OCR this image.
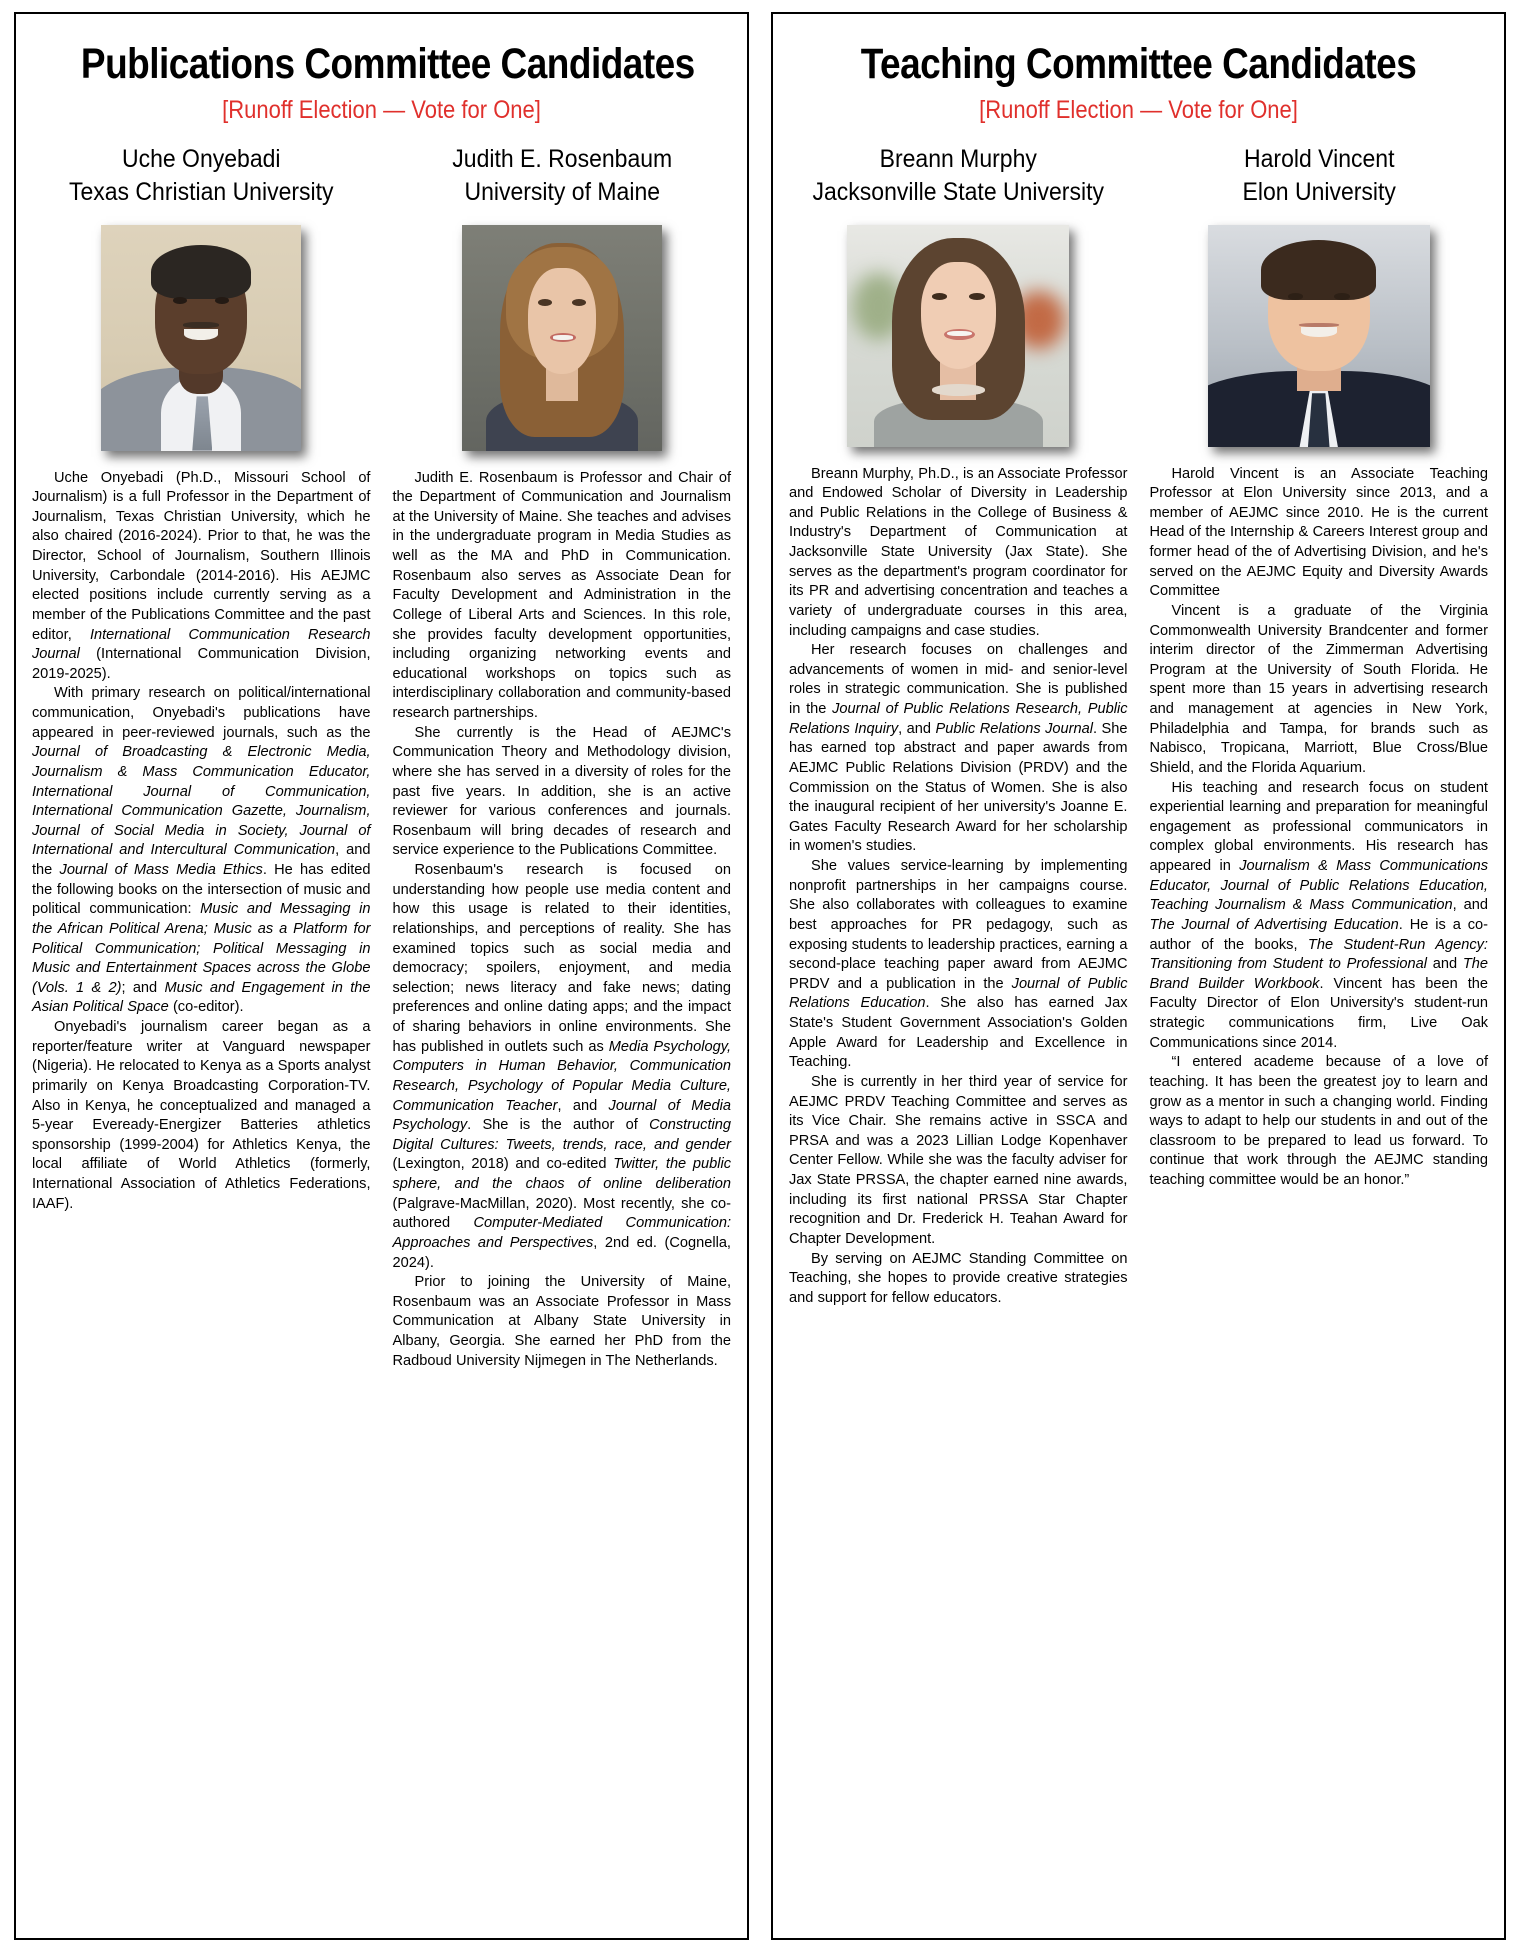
Publications Committee Candidates
[Runoff Election — Vote for One]
Uche Onyebadi
Texas Christian University

Uche Onyebadi (Ph.D., Missouri School of Journalism) is a full Professor in the Department of Journalism, Texas Christian University, which he also chaired (2016-2024). Prior to that, he was the Director, School of Journalism, Southern Illinois University, Carbondale (2014-2016). His AEJMC elected positions include currently serving as a member of the Publications Committee and the past editor, International Communication Research Journal (International Communication Division, 2019-2025).

With primary research on political/international communication, Onyebadi's publications have appeared in peer-reviewed journals, such as the Journal of Broadcasting & Electronic Media, Journalism & Mass Communication Educator, International Journal of Communication, International Communication Gazette, Journalism, Journal of Social Media in Society, Journal of International and Intercultural Communication, and the Journal of Mass Media Ethics. He has edited the following books on the intersection of music and political communication: Music and Messaging in the African Political Arena; Music as a Platform for Political Communication; Political Messaging in Music and Entertainment Spaces across the Globe (Vols. 1 & 2); and Music and Engagement in the Asian Political Space (co-editor).

Onyebadi's journalism career began as a reporter/feature writer at Vanguard newspaper (Nigeria). He relocated to Kenya as a Sports analyst primarily on Kenya Broadcasting Corporation-TV. Also in Kenya, he conceptualized and managed a 5-year Eveready-Energizer Batteries athletics sponsorship (1999-2004) for Athletics Kenya, the local affiliate of World Athletics (formerly, International Association of Athletics Federations, IAAF).

Judith E. Rosenbaum
University of Maine

Judith E. Rosenbaum is Professor and Chair of the Department of Communication and Journalism at the University of Maine. She teaches and advises in the undergraduate program in Media Studies as well as the MA and PhD in Communication. Rosenbaum also serves as Associate Dean for Faculty Development and Administration in the College of Liberal Arts and Sciences. In this role, she provides faculty development opportunities, including organizing networking events and educational workshops on topics such as interdisciplinary collaboration and community-based research partnerships.

She currently is the Head of AEJMC's Communication Theory and Methodology division, where she has served in a diversity of roles for the past five years. In addition, she is an active reviewer for various conferences and journals. Rosenbaum will bring decades of research and service experience to the Publications Committee.

Rosenbaum's research is focused on understanding how people use media content and how this usage is related to their identities, relationships, and perceptions of reality. She has examined topics such as social media and democracy; spoilers, enjoyment, and media selection; news literacy and fake news; dating preferences and online dating apps; and the impact of sharing behaviors in online environments. She has published in outlets such as Media Psychology, Computers in Human Behavior, Communication Research, Psychology of Popular Media Culture, Communication Teacher, and Journal of Media Psychology. She is the author of Constructing Digital Cultures: Tweets, trends, race, and gender (Lexington, 2018) and co-edited Twitter, the public sphere, and the chaos of online deliberation (Palgrave-MacMillan, 2020). Most recently, she co-authored Computer-Mediated Communication: Approaches and Perspectives, 2nd ed. (Cognella, 2024).

Prior to joining the University of Maine, Rosenbaum was an Associate Professor in Mass Communication at Albany State University in Albany, Georgia. She earned her PhD from the Radboud University Nijmegen in The Netherlands.

Teaching Committee Candidates
[Runoff Election — Vote for One]
Breann Murphy
Jacksonville State University

Breann Murphy, Ph.D., is an Associate Professor and Endowed Scholar of Diversity in Leadership and Public Relations in the College of Business & Industry's Department of Communication at Jacksonville State University (Jax State). She serves as the department's program coordinator for its PR and advertising concentration and teaches a variety of undergraduate courses in this area, including campaigns and case studies.

Her research focuses on challenges and advancements of women in mid- and senior-level roles in strategic communication. She is published in the Journal of Public Relations Research, Public Relations Inquiry, and Public Relations Journal. She has earned top abstract and paper awards from AEJMC Public Relations Division (PRDV) and the Commission on the Status of Women. She is also the inaugural recipient of her university's Joanne E. Gates Faculty Research Award for her scholarship in women's studies.

She values service-learning by implementing nonprofit partnerships in her campaigns course. She also collaborates with colleagues to examine best approaches for PR pedagogy, such as exposing students to leadership practices, earning a second-place teaching paper award from AEJMC PRDV and a publication in the Journal of Public Relations Education. She also has earned Jax State's Student Government Association's Golden Apple Award for Leadership and Excellence in Teaching.

She is currently in her third year of service for AEJMC PRDV Teaching Committee and serves as its Vice Chair. She remains active in SSCA and PRSA and was a 2023 Lillian Lodge Kopenhaver Center Fellow. While she was the faculty adviser for Jax State PRSSA, the chapter earned nine awards, including its first national PRSSA Star Chapter recognition and Dr. Frederick H. Teahan Award for Chapter Development.

By serving on AEJMC Standing Committee on Teaching, she hopes to provide creative strategies and support for fellow educators.

Harold Vincent
Elon University

Harold Vincent is an Associate Teaching Professor at Elon University since 2013, and a member of AEJMC since 2010. He is the current Head of the Internship & Careers Interest group and former head of the of Advertising Division, and he's served on the AEJMC Equity and Diversity Awards Committee

Vincent is a graduate of the Virginia Commonwealth University Brandcenter and former interim director of the Zimmerman Advertising Program at the University of South Florida. He spent more than 15 years in advertising research and management at agencies in New York, Philadelphia and Tampa, for brands such as Nabisco, Tropicana, Marriott, Blue Cross/Blue Shield, and the Florida Aquarium.

His teaching and research focus on student experiential learning and preparation for meaningful engagement as professional communicators in complex global environments. His research has appeared in Journalism & Mass Communications Educator, Journal of Public Relations Education, Teaching Journalism & Mass Communication, and The Journal of Advertising Education. He is a co-author of the books, The Student-Run Agency: Transitioning from Student to Professional and The Brand Builder Workbook. Vincent has been the Faculty Director of Elon University's student-run strategic communications firm, Live Oak Communications since 2014.

“I entered academe because of a love of teaching. It has been the greatest joy to learn and grow as a mentor in such a changing world. Finding ways to adapt to help our students in and out of the classroom to be prepared to lead us forward. To continue that work through the AEJMC standing teaching committee would be an honor.”
